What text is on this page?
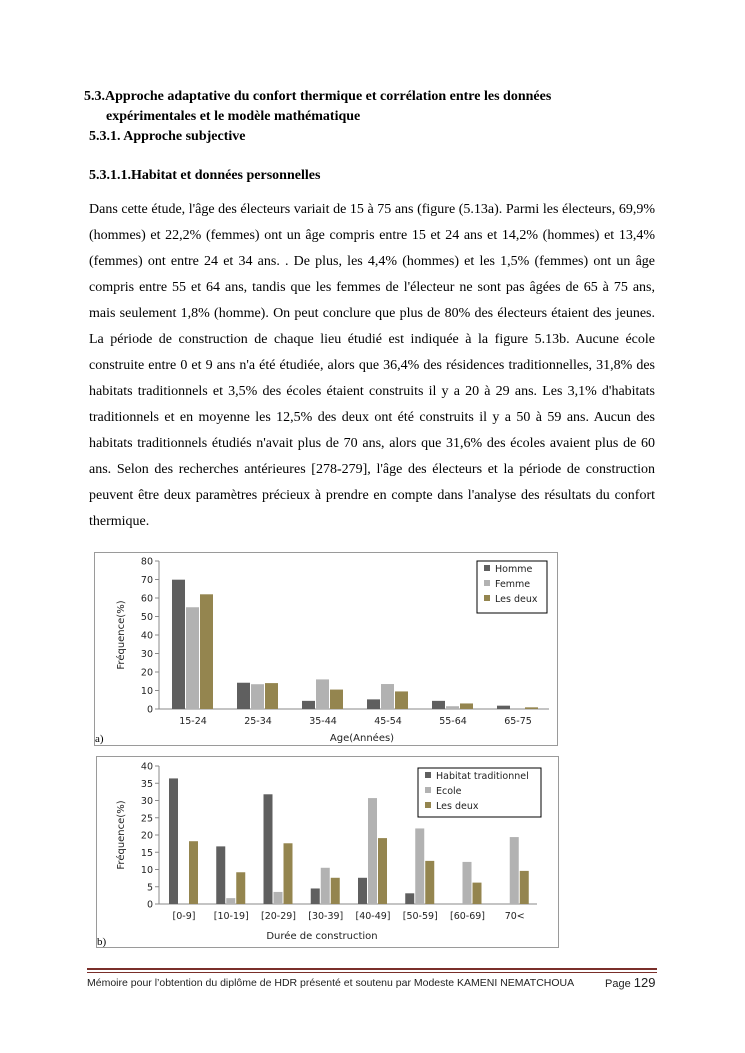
5.3.Approche adaptative du confort thermique et corrélation entre les données
expérimentales et le modèle mathématique
5.3.1. Approche subjective
5.3.1.1.Habitat et données personnelles

Dans cette étude, l'âge des électeurs variait de 15 à 75 ans (figure (5.13a). Parmi les électeurs, 69,9% (hommes) et 22,2% (femmes) ont un âge compris entre 15 et 24 ans et 14,2% (hommes) et 13,4% (femmes) ont entre 24 et 34 ans. . De plus, les 4,4% (hommes) et les 1,5% (femmes) ont un âge compris entre 55 et 64 ans, tandis que les femmes de l'électeur ne sont pas âgées de 65 à 75 ans, mais seulement 1,8% (homme). On peut conclure que plus de 80% des électeurs étaient des jeunes. La période de construction de chaque lieu étudié est indiquée à la figure 5.13b. Aucune école construite entre 0 et 9 ans n'a été étudiée, alors que 36,4% des résidences traditionnelles, 31,8% des habitats traditionnels et 3,5% des écoles étaient construits il y a 20 à 29 ans. Les 3,1% d'habitats traditionnels et en moyenne les 12,5% des deux ont été construits il y a 50 à 59 ans. Aucun des habitats traditionnels étudiés n'avait plus de 70 ans, alors que 31,6% des écoles avaient plus de 60 ans. Selon des recherches antérieures [278-279], l'âge des électeurs et la période de construction peuvent être deux paramètres précieux à prendre en compte dans l'analyse des résultats du confort thermique.

0
10
20
30
40
50
60
70
80
15-24	25-34	35-44	45-54	55-64	65-75
Age(Années)
Fréquence(%)
Homme
Femme
Les deux
a)
0
5
10
15
20
25
30
35
40
[0-9] [10-19] [20-29] [30-39] [40-49] [50-59] [60-69] 70<
Durée de construction
Fréquence(%)
Habitat traditionnel
Ecole
Les deux
b)
Mémoire pour l’obtention du diplôme de HDR présenté et soutenu par Modeste KAMENI NEMATCHOUA	Page 129
